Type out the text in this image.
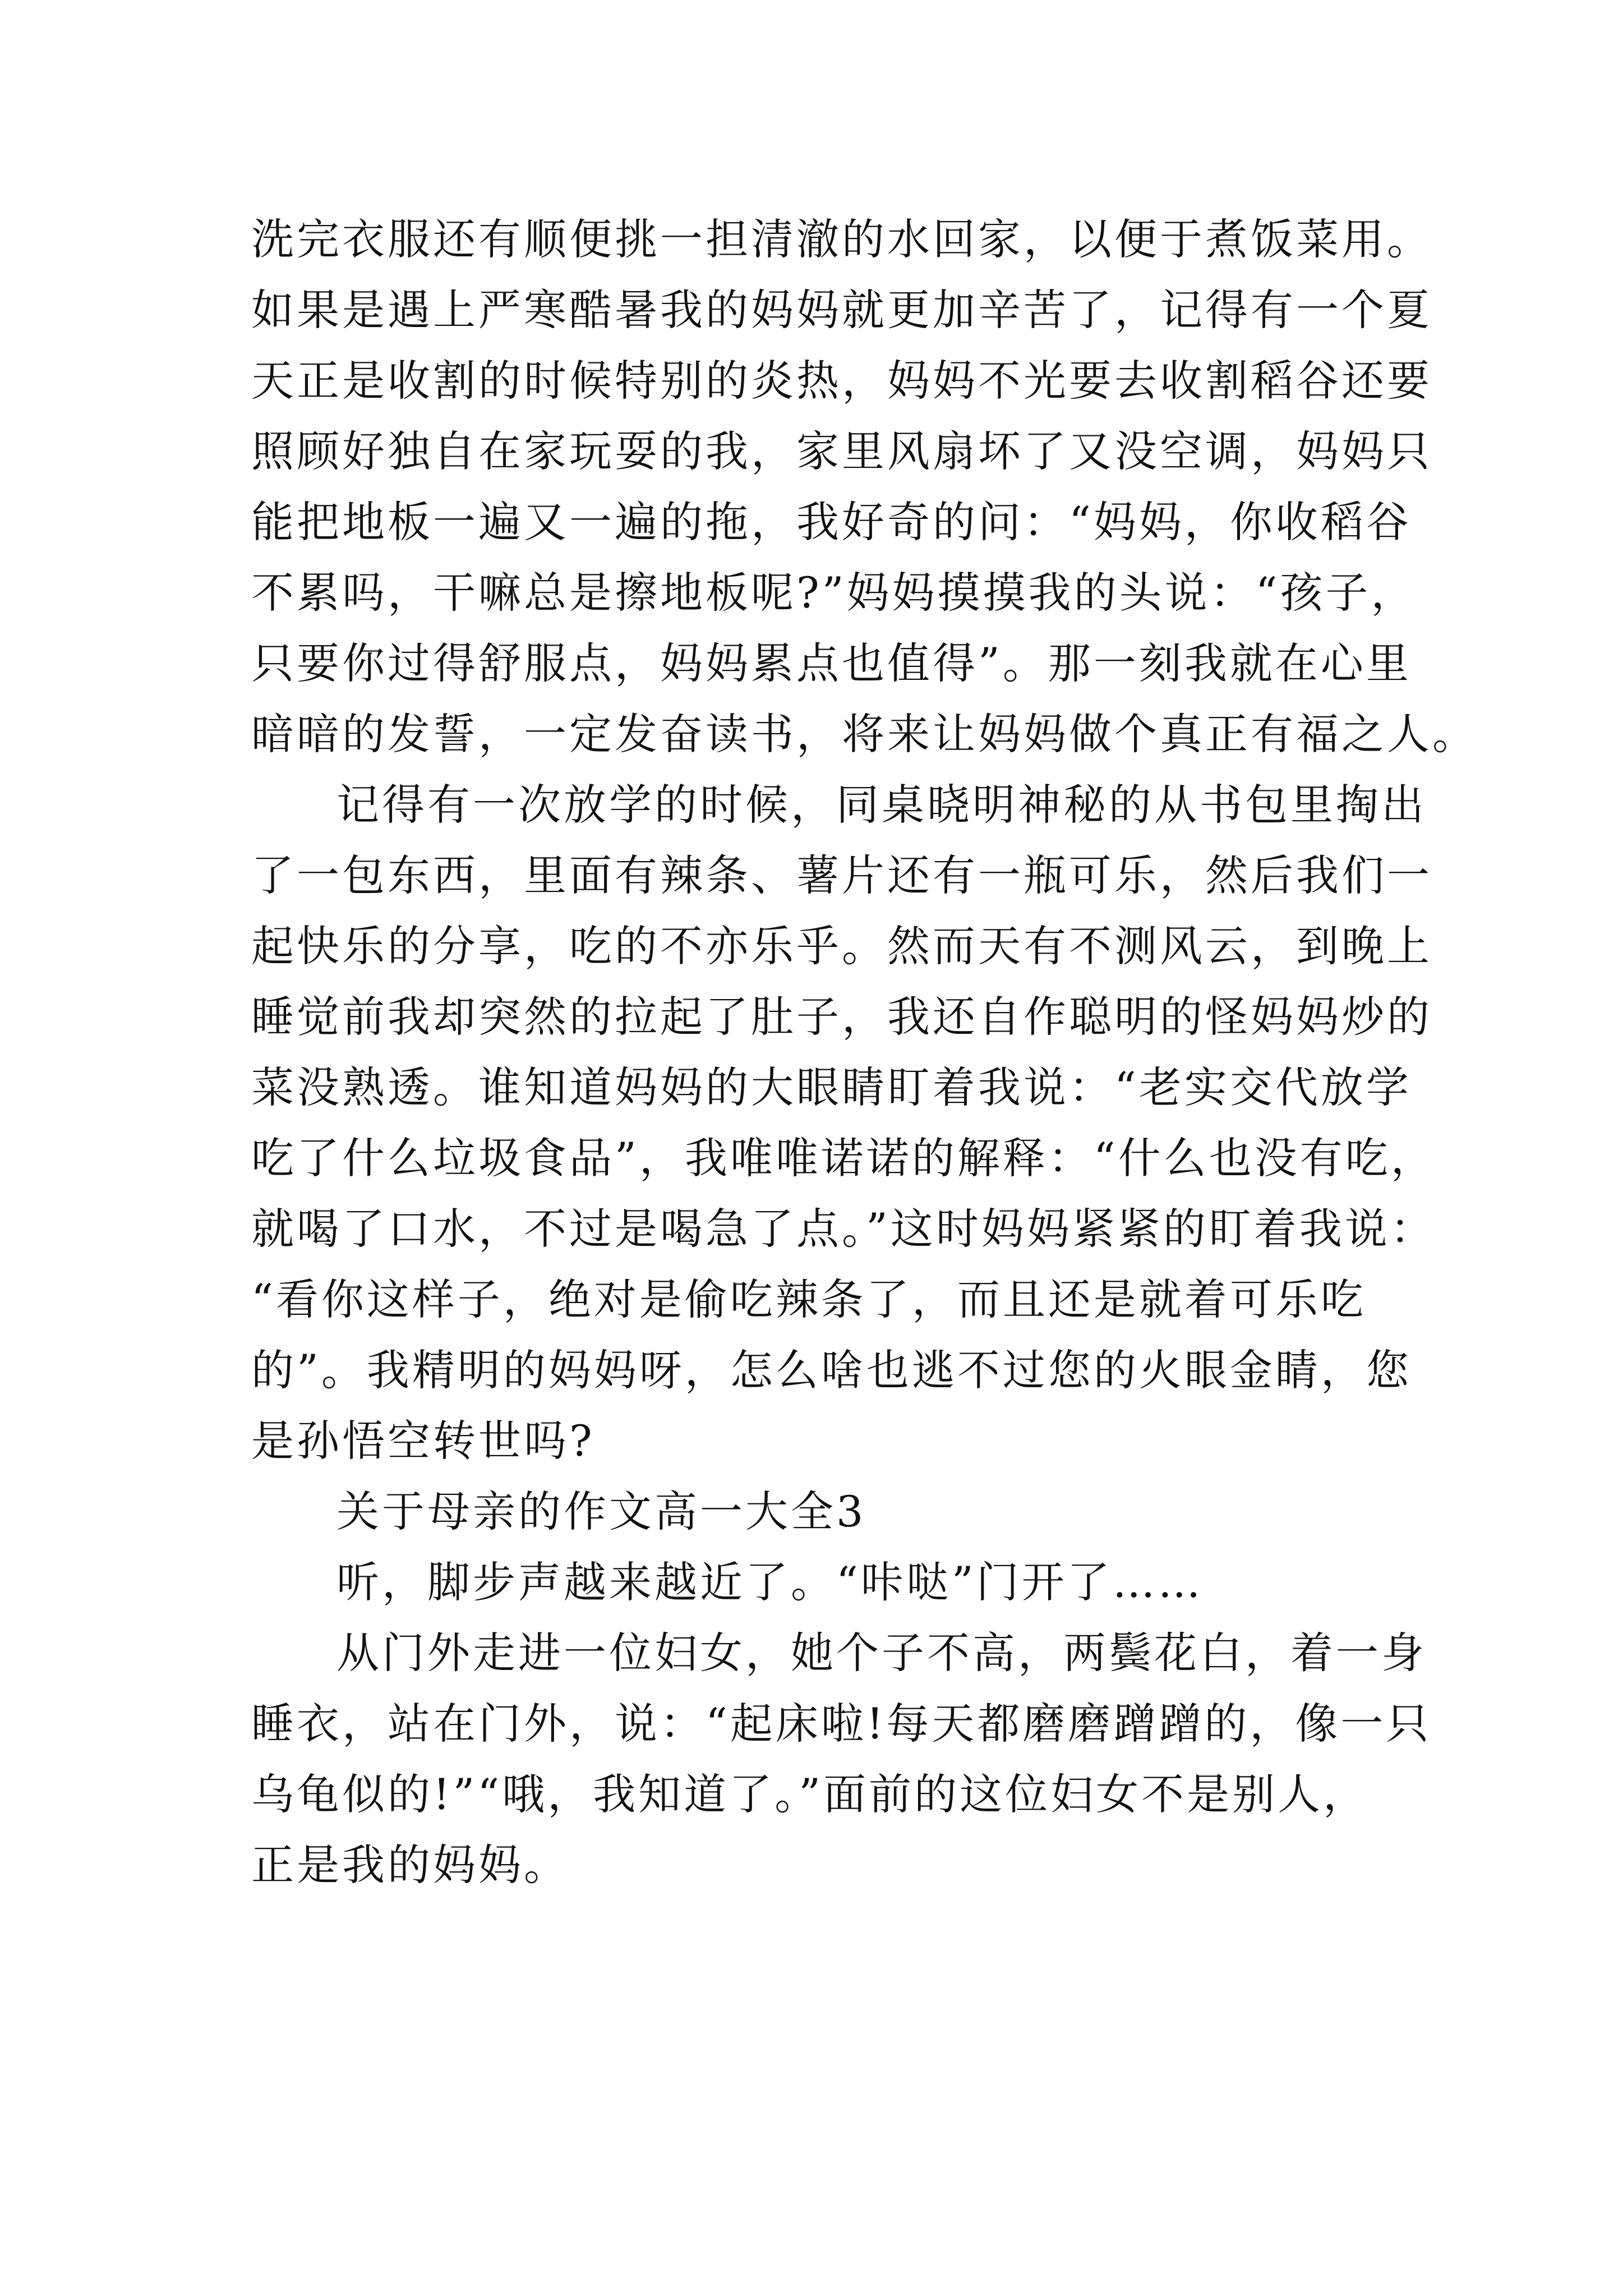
洗完衣服还有顺便挑一担清澈的水回家，以便于煮饭菜用。
如果是遇上严寒酷暑我的妈妈就更加辛苦了，记得有一个夏
天正是收割的时候特别的炎热，妈妈不光要去收割稻谷还要
照顾好独自在家玩耍的我，家里风扇坏了又没空调，妈妈只
能把地板一遍又一遍的拖，我好奇的问：“妈妈，你收稻谷
不累吗，干嘛总是擦地板呢?”妈妈摸摸我的头说：“孩子，
只要你过得舒服点，妈妈累点也值得”。那一刻我就在心里
暗暗的发誓，一定发奋读书，将来让妈妈做个真正有福之人。
记得有一次放学的时候，同桌晓明神秘的从书包里掏出
了一包东西，里面有辣条、薯片还有一瓶可乐，然后我们一
起快乐的分享，吃的不亦乐乎。然而天有不测风云，到晚上
睡觉前我却突然的拉起了肚子，我还自作聪明的怪妈妈炒的
菜没熟透。谁知道妈妈的大眼睛盯着我说：“老实交代放学
吃了什么垃圾食品”，我唯唯诺诺的解释：“什么也没有吃，
就喝了口水，不过是喝急了点。”这时妈妈紧紧的盯着我说：
“看你这样子，绝对是偷吃辣条了，而且还是就着可乐吃
的”。我精明的妈妈呀，怎么啥也逃不过您的火眼金睛，您
是孙悟空转世吗?
关于母亲的作文高一大全3
听，脚步声越来越近了。“咔哒”门开了……
从门外走进一位妇女，她个子不高，两鬓花白，着一身
睡衣，站在门外，说：“起床啦!每天都磨磨蹭蹭的，像一只
乌龟似的!”“哦，我知道了。”面前的这位妇女不是别人，
正是我的妈妈。
